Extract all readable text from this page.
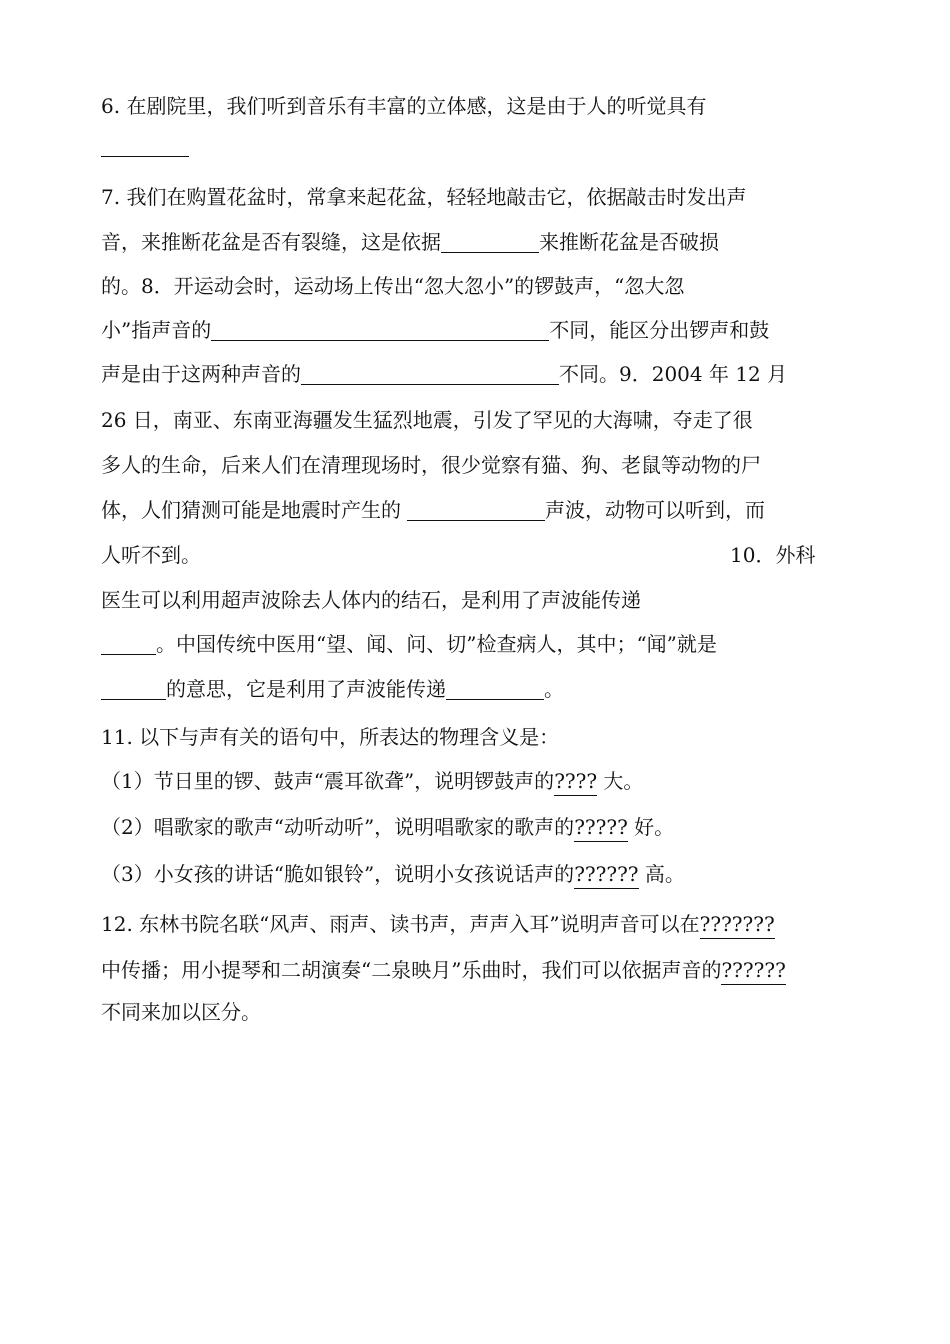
6. 在剧院里，我们听到音乐有丰富的立体感，这是由于人的听觉具有
7. 我们在购置花盆时，常拿来起花盆，轻轻地敲击它，依据敲击时发出声
音，来推断花盆是否有裂缝，这是依据	来推断花盆是否破损
的。8．开运动会时，运动场上传出“忽大忽小”的锣鼓声，“忽大忽
小”指声音的	不同，能区分出锣声和鼓
声是由于这两种声音的	不同。9．2004 年 12 月
26 日，南亚、东南亚海疆发生猛烈地震，引发了罕见的大海啸，夺走了很
多人的生命，后来人们在清理现场时，很少觉察有猫、狗、老鼠等动物的尸
体，人们猜测可能是地震时产生的	声波，动物可以听到，而
人听不到。	10．外科
医生可以利用超声波除去人体内的结石，是利用了声波能传递
。中国传统中医用“望、闻、问、切”检查病人，其中；“闻”就是
的意思，它是利用了声波能传递	。
11. 以下与声有关的语句中，所表达的物理含义是：
（1）节日里的锣、鼓声“震耳欲聋”，说明锣鼓声的???? 大。
（2）唱歌家的歌声“动听动听”，说明唱歌家的歌声的????? 好。
（3）小女孩的讲话“脆如银铃”，说明小女孩说话声的?????? 高。
12. 东林书院名联“风声、雨声、读书声，声声入耳”说明声音可以在???????
中传播；用小提琴和二胡演奏“二泉映月”乐曲时，我们可以依据声音的??????
不同来加以区分。
